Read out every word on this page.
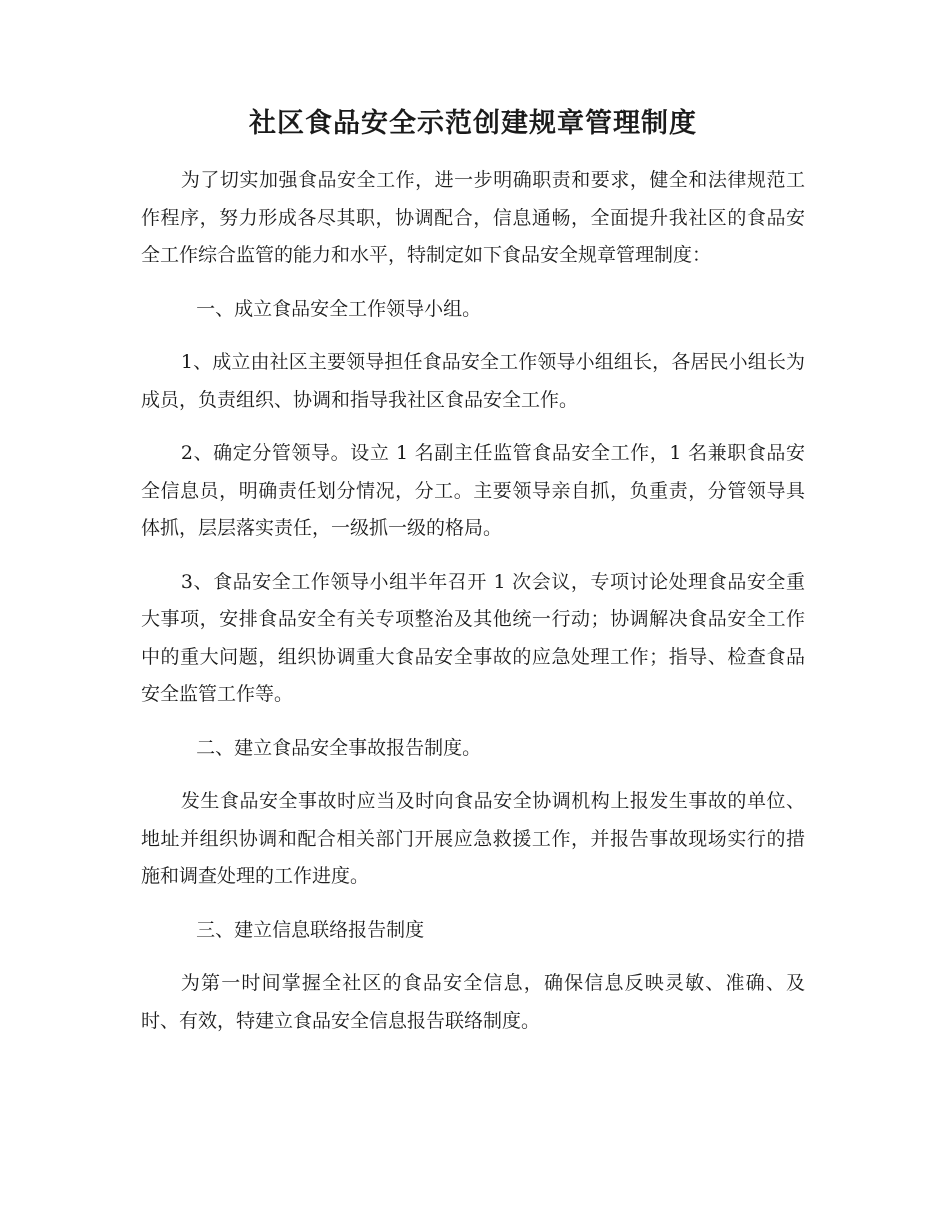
社区食品安全示范创建规章管理制度

为了切实加强食品安全工作，进一步明确职责和要求，健全和法律规范工作程序，努力形成各尽其职，协调配合，信息通畅，全面提升我社区的食品安全工作综合监管的能力和水平，特制定如下食品安全规章管理制度：

一、成立食品安全工作领导小组。

1、成立由社区主要领导担任食品安全工作领导小组组长，各居民小组长为成员，负责组织、协调和指导我社区食品安全工作。

2、确定分管领导。设立 1 名副主任监管食品安全工作，1 名兼职食品安全信息员，明确责任划分情况，分工。主要领导亲自抓，负重责，分管领导具体抓，层层落实责任，一级抓一级的格局。

3、食品安全工作领导小组半年召开 1 次会议，专项讨论处理食品安全重大事项，安排食品安全有关专项整治及其他统一行动；协调解决食品安全工作中的重大问题，组织协调重大食品安全事故的应急处理工作；指导、检查食品安全监管工作等。

二、建立食品安全事故报告制度。

发生食品安全事故时应当及时向食品安全协调机构上报发生事故的单位、地址并组织协调和配合相关部门开展应急救援工作，并报告事故现场实行的措施和调查处理的工作进度。

三、建立信息联络报告制度

为第一时间掌握全社区的食品安全信息，确保信息反映灵敏、准确、及时、有效，特建立食品安全信息报告联络制度。
